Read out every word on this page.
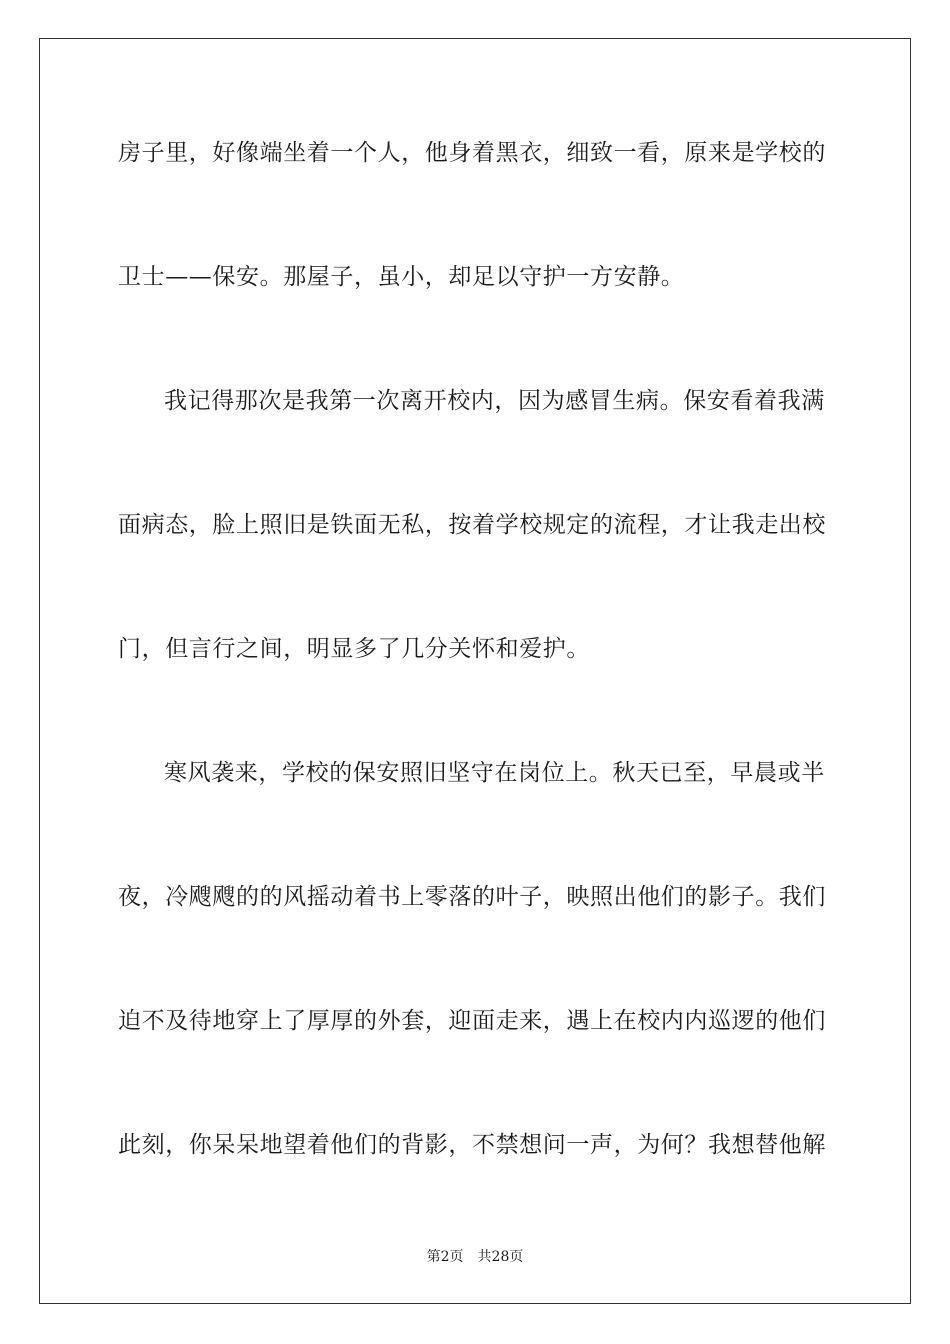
房子里，好像端坐着一个人，他身着黑衣，细致一看，原来是学校的
卫士——保安。那屋子，虽小，却足以守护一方安静。
我记得那次是我第一次离开校内，因为感冒生病。保安看着我满
面病态，脸上照旧是铁面无私，按着学校规定的流程，才让我走出校
门，但言行之间，明显多了几分关怀和爱护。
寒风袭来，学校的保安照旧坚守在岗位上。秋天已至，早晨或半
夜，冷飕飕的的风摇动着书上零落的叶子，映照出他们的影子。我们
迫不及待地穿上了厚厚的外套，迎面走来，遇上在校内内巡逻的他们
此刻，你呆呆地望着他们的背影，不禁想问一声，为何？我想替他解
第2页 共28页
